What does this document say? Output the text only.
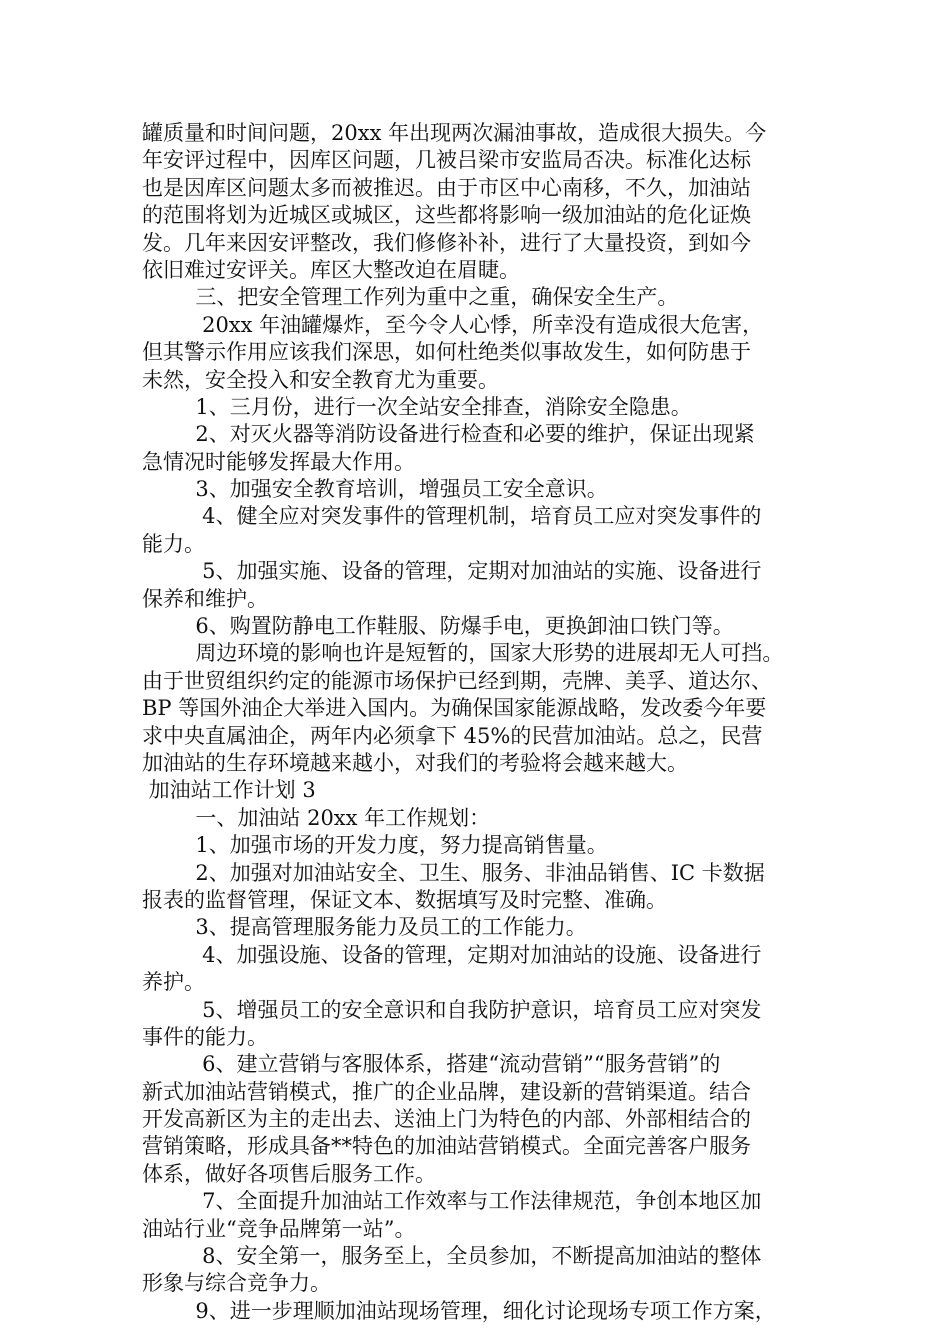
罐质量和时间问题，20xx 年出现两次漏油事故，造成很大损失。今
年安评过程中，因库区问题，几被吕梁市安监局否决。标准化达标
也是因库区问题太多而被推迟。由于市区中心南移，不久，加油站
的范围将划为近城区或城区，这些都将影响一级加油站的危化证焕
发。几年来因安评整改，我们修修补补，进行了大量投资，到如今
依旧难过安评关。库区大整改迫在眉睫。
三、把安全管理工作列为重中之重，确保安全生产。
20xx 年油罐爆炸，至今令人心悸，所幸没有造成很大危害，
但其警示作用应该我们深思，如何杜绝类似事故发生，如何防患于
未然，安全投入和安全教育尤为重要。
1、三月份，进行一次全站安全排查，消除安全隐患。
2、对灭火器等消防设备进行检查和必要的维护，保证出现紧
急情况时能够发挥最大作用。
3、加强安全教育培训，增强员工安全意识。
4、健全应对突发事件的管理机制，培育员工应对突发事件的
能力。
5、加强实施、设备的管理，定期对加油站的实施、设备进行
保养和维护。
6、购置防静电工作鞋服、防爆手电，更换卸油口铁门等。
周边环境的影响也许是短暂的，国家大形势的进展却无人可挡。
由于世贸组织约定的能源市场保护已经到期，壳牌、美孚、道达尔、
BP 等国外油企大举进入国内。为确保国家能源战略，发改委今年要
求中央直属油企，两年内必须拿下 45%的民营加油站。总之，民营
加油站的生存环境越来越小，对我们的考验将会越来越大。
加油站工作计划 3
一、加油站 20xx 年工作规划：
1、加强市场的开发力度，努力提高销售量。
2、加强对加油站安全、卫生、服务、非油品销售、IC 卡数据
报表的监督管理，保证文本、数据填写及时完整、准确。
3、提高管理服务能力及员工的工作能力。
4、加强设施、设备的管理，定期对加油站的设施、设备进行
养护。
5、增强员工的安全意识和自我防护意识，培育员工应对突发
事件的能力。
6、建立营销与客服体系，搭建“流动营销”“服务营销”的
新式加油站营销模式，推广的企业品牌，建设新的营销渠道。结合
开发高新区为主的走出去、送油上门为特色的内部、外部相结合的
营销策略，形成具备**特色的加油站营销模式。全面完善客户服务
体系，做好各项售后服务工作。
7、全面提升加油站工作效率与工作法律规范，争创本地区加
油站行业“竞争品牌第一站”。
8、安全第一，服务至上，全员参加，不断提高加油站的整体
形象与综合竞争力。
9、进一步理顺加油站现场管理，细化讨论现场专项工作方案，
